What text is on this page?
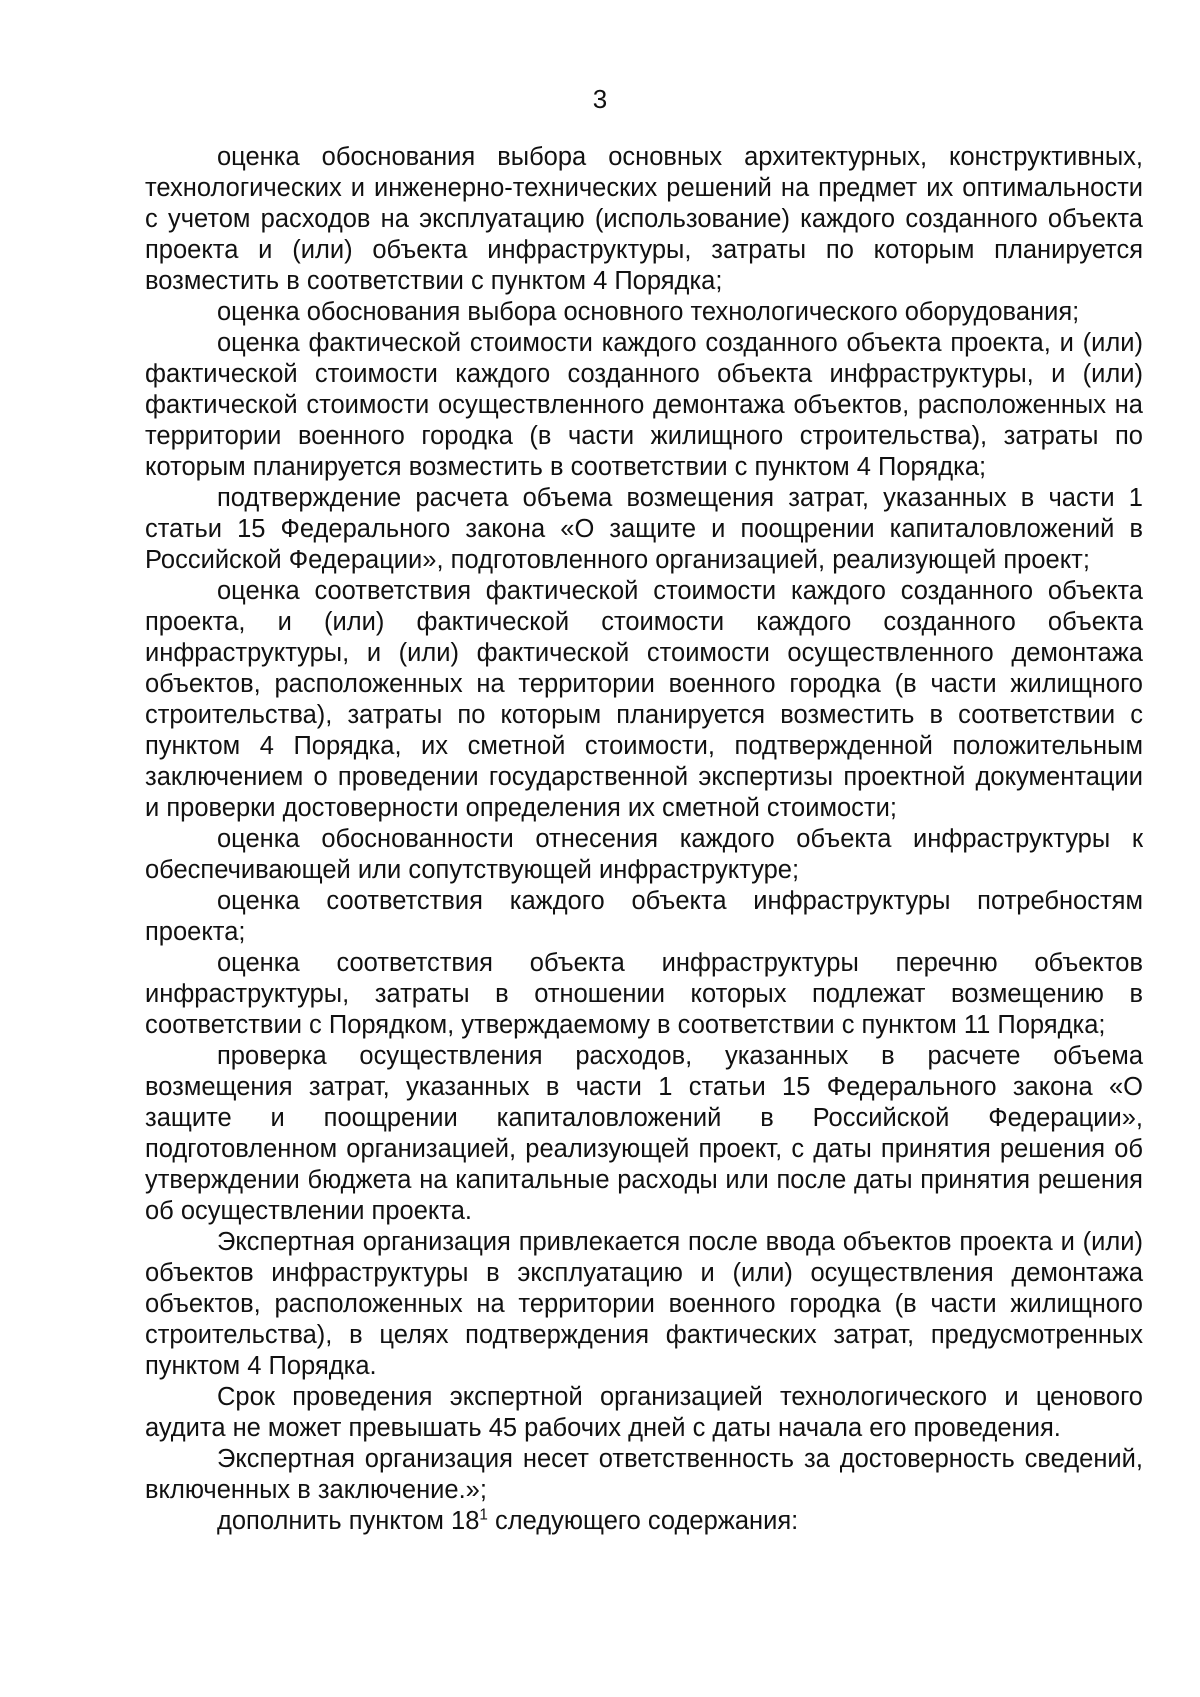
3

оценка обоснования выбора основных архитектурных, конструктивных, технологических и инженерно-технических решений на предмет их оптимальности с учетом расходов на эксплуатацию (использование) каждого созданного объекта проекта и (или) объекта инфраструктуры, затраты по которым планируется возместить в соответствии с пунктом 4 Порядка;

оценка обоснования выбора основного технологического оборудования;

оценка фактической стоимости каждого созданного объекта проекта, и (или) фактической стоимости каждого созданного объекта инфраструктуры, и (или) фактической стоимости осуществленного демонтажа объектов, расположенных на территории военного городка (в части жилищного строительства), затраты по которым планируется возместить в соответствии с пунктом 4 Порядка;

подтверждение расчета объема возмещения затрат, указанных в части 1 статьи 15 Федерального закона «О защите и поощрении капиталовложений в Российской Федерации», подготовленного организацией, реализующей проект;

оценка соответствия фактической стоимости каждого созданного объекта проекта, и (или) фактической стоимости каждого созданного объекта инфраструктуры, и (или) фактической стоимости осуществленного демонтажа объектов, расположенных на территории военного городка (в части жилищного строительства), затраты по которым планируется возместить в соответствии с пунктом 4 Порядка, их сметной стоимости, подтвержденной положительным заключением о проведении государственной экспертизы проектной документации и проверки достоверности определения их сметной стоимости;

оценка обоснованности отнесения каждого объекта инфраструктуры к обеспечивающей или сопутствующей инфраструктуре;

оценка соответствия каждого объекта инфраструктуры потребностям проекта;

оценка соответствия объекта инфраструктуры перечню объектов инфраструктуры, затраты в отношении которых подлежат возмещению в соответствии с Порядком, утверждаемому в соответствии с пунктом 11 Порядка;

проверка осуществления расходов, указанных в расчете объема возмещения затрат, указанных в части 1 статьи 15 Федерального закона «О защите и поощрении капиталовложений в Российской Федерации», подготовленном организацией, реализующей проект, с даты принятия решения об утверждении бюджета на капитальные расходы или после даты принятия решения об осуществлении проекта.

Экспертная организация привлекается после ввода объектов проекта и (или) объектов инфраструктуры в эксплуатацию и (или) осуществления демонтажа объектов, расположенных на территории военного городка (в части жилищного строительства), в целях подтверждения фактических затрат, предусмотренных пунктом 4 Порядка.

Срок проведения экспертной организацией технологического и ценового аудита не может превышать 45 рабочих дней с даты начала его проведения.

Экспертная организация несет ответственность за достоверность сведений, включенных в заключение.»;

дополнить пунктом $18^1$ следующего содержания:
